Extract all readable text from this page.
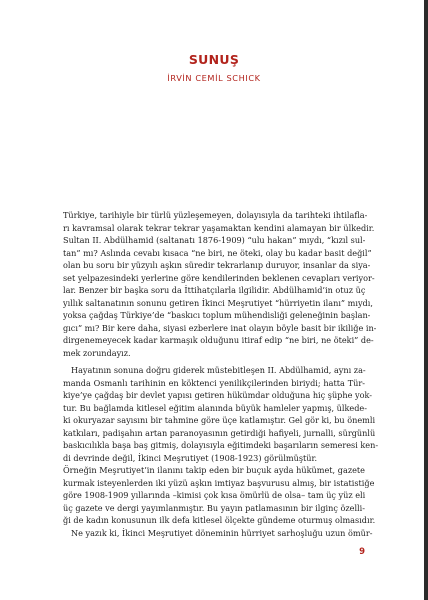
SUNUŞ
İRVİN CEMİL SCHICK
Türkiye, tarihiyle bir türlü yüzleşemeyen, dolayısıyla da tarihteki ihtilafla-
rı kavramsal olarak tekrar tekrar yaşamaktan kendini alamayan bir ülkedir.
Sultan II. Abdülhamid (saltanatı 1876-1909) “ulu hakan” mıydı, “kızıl sul-
tan” mı? Aslında cevabı kısaca “ne biri, ne öteki, olay bu kadar basit değil”
olan bu soru bir yüzyılı aşkın süredir tekrarlanıp duruyor, insanlar da siya-
set yelpazesindeki yerlerine göre kendilerinden beklenen cevapları veriyor-
lar. Benzer bir başka soru da İttihatçılarla ilgilidir. Abdülhamid’in otuz üç
yıllık saltanatının sonunu getiren İkinci Meşrutiyet “hürriyetin ilanı” mıydı,
yoksa çağdaş Türkiye’de “baskıcı toplum mühendisliği geleneğinin başlan-
gıcı” mı? Bir kere daha, siyasi ezberlere inat olayın böyle basit bir ikiliğe in-
dirgenemeyecek kadar karmaşık olduğunu itiraf edip “ne biri, ne öteki” de-
mek zorundayız.
Hayatının sonuna doğru giderek müstebitleşen II. Abdülhamid, aynı za-
manda Osmanlı tarihinin en köktenci yenilikçilerinden biriydi; hatta Tür-
kiye’ye çağdaş bir devlet yapısı getiren hükümdar olduğuna hiç şüphe yok-
tur. Bu bağlamda kitlesel eğitim alanında büyük hamleler yapmış, ülkede-
ki okuryazar sayısını bir tahmine göre üçe katlamıştır. Gel gör ki, bu önemli
katkıları, padişahın artan paranoyasının getirdiği hafiyeli, jurnalli, sürgünlü
baskıcılıkla başa baş gitmiş, dolayısıyla eğitimdeki başarıların semeresi ken-
di devrinde değil, İkinci Meşrutiyet (1908-1923) görülmüştür.
Örneğin Meşrutiyet’in ilanını takip eden bir buçuk ayda hükümet, gazete
kurmak isteyenlerden iki yüzü aşkın imtiyaz başvurusu almış, bir istatistiğe
göre 1908-1909 yıllarında –kimisi çok kısa ömürlü de olsa– tam üç yüz eli
üç gazete ve dergi yayımlanmıştır. Bu yayın patlamasının bir ilginç özelli-
ği de kadın konusunun ilk defa kitlesel ölçekte gündeme oturmuş olmasıdır.
Ne yazık ki, İkinci Meşrutiyet döneminin hürriyet sarhoşluğu uzun ömür-
9
